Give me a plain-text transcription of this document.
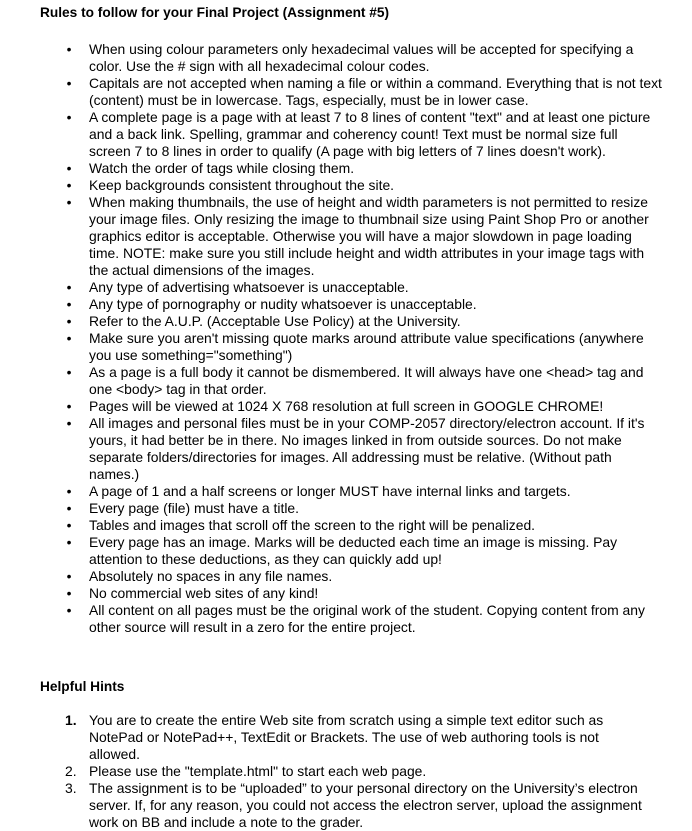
Rules to follow for your Final Project (Assignment #5)
• When using colour parameters only hexadecimal values will be accepted for specifying a color. Use the # sign with all hexadecimal colour codes.
• Capitals are not accepted when naming a file or within a command. Everything that is not text (content) must be in lowercase. Tags, especially, must be in lower case.
• A complete page is a page with at least 7 to 8 lines of content "text" and at least one picture and a back link. Spelling, grammar and coherency count! Text must be normal size full screen 7 to 8 lines in order to qualify (A page with big letters of 7 lines doesn't work).
• Watch the order of tags while closing them.
• Keep backgrounds consistent throughout the site.
• When making thumbnails, the use of height and width parameters is not permitted to resize your image files. Only resizing the image to thumbnail size using Paint Shop Pro or another graphics editor is acceptable. Otherwise you will have a major slowdown in page loading time. NOTE: make sure you still include height and width attributes in your image tags with the actual dimensions of the images.
• Any type of advertising whatsoever is unacceptable.
• Any type of pornography or nudity whatsoever is unacceptable.
• Refer to the A.U.P. (Acceptable Use Policy) at the University.
• Make sure you aren't missing quote marks around attribute value specifications (anywhere you use something="something")
• As a page is a full body it cannot be dismembered. It will always have one <head> tag and one <body> tag in that order.
• Pages will be viewed at 1024 X 768 resolution at full screen in GOOGLE CHROME!
• All images and personal files must be in your COMP-2057 directory/electron account. If it's yours, it had better be in there. No images linked in from outside sources. Do not make separate folders/directories for images. All addressing must be relative. (Without path names.)
• A page of 1 and a half screens or longer MUST have internal links and targets.
• Every page (file) must have a title.
• Tables and images that scroll off the screen to the right will be penalized.
• Every page has an image. Marks will be deducted each time an image is missing. Pay attention to these deductions, as they can quickly add up!
• Absolutely no spaces in any file names.
• No commercial web sites of any kind!
• All content on all pages must be the original work of the student. Copying content from any other source will result in a zero for the entire project.
Helpful Hints
1. You are to create the entire Web site from scratch using a simple text editor such as NotePad or NotePad++, TextEdit or Brackets. The use of web authoring tools is not allowed.
2. Please use the "template.html" to start each web page.
3. The assignment is to be “uploaded” to your personal directory on the University’s electron server. If, for any reason, you could not access the electron server, upload the assignment work on BB and include a note to the grader.
